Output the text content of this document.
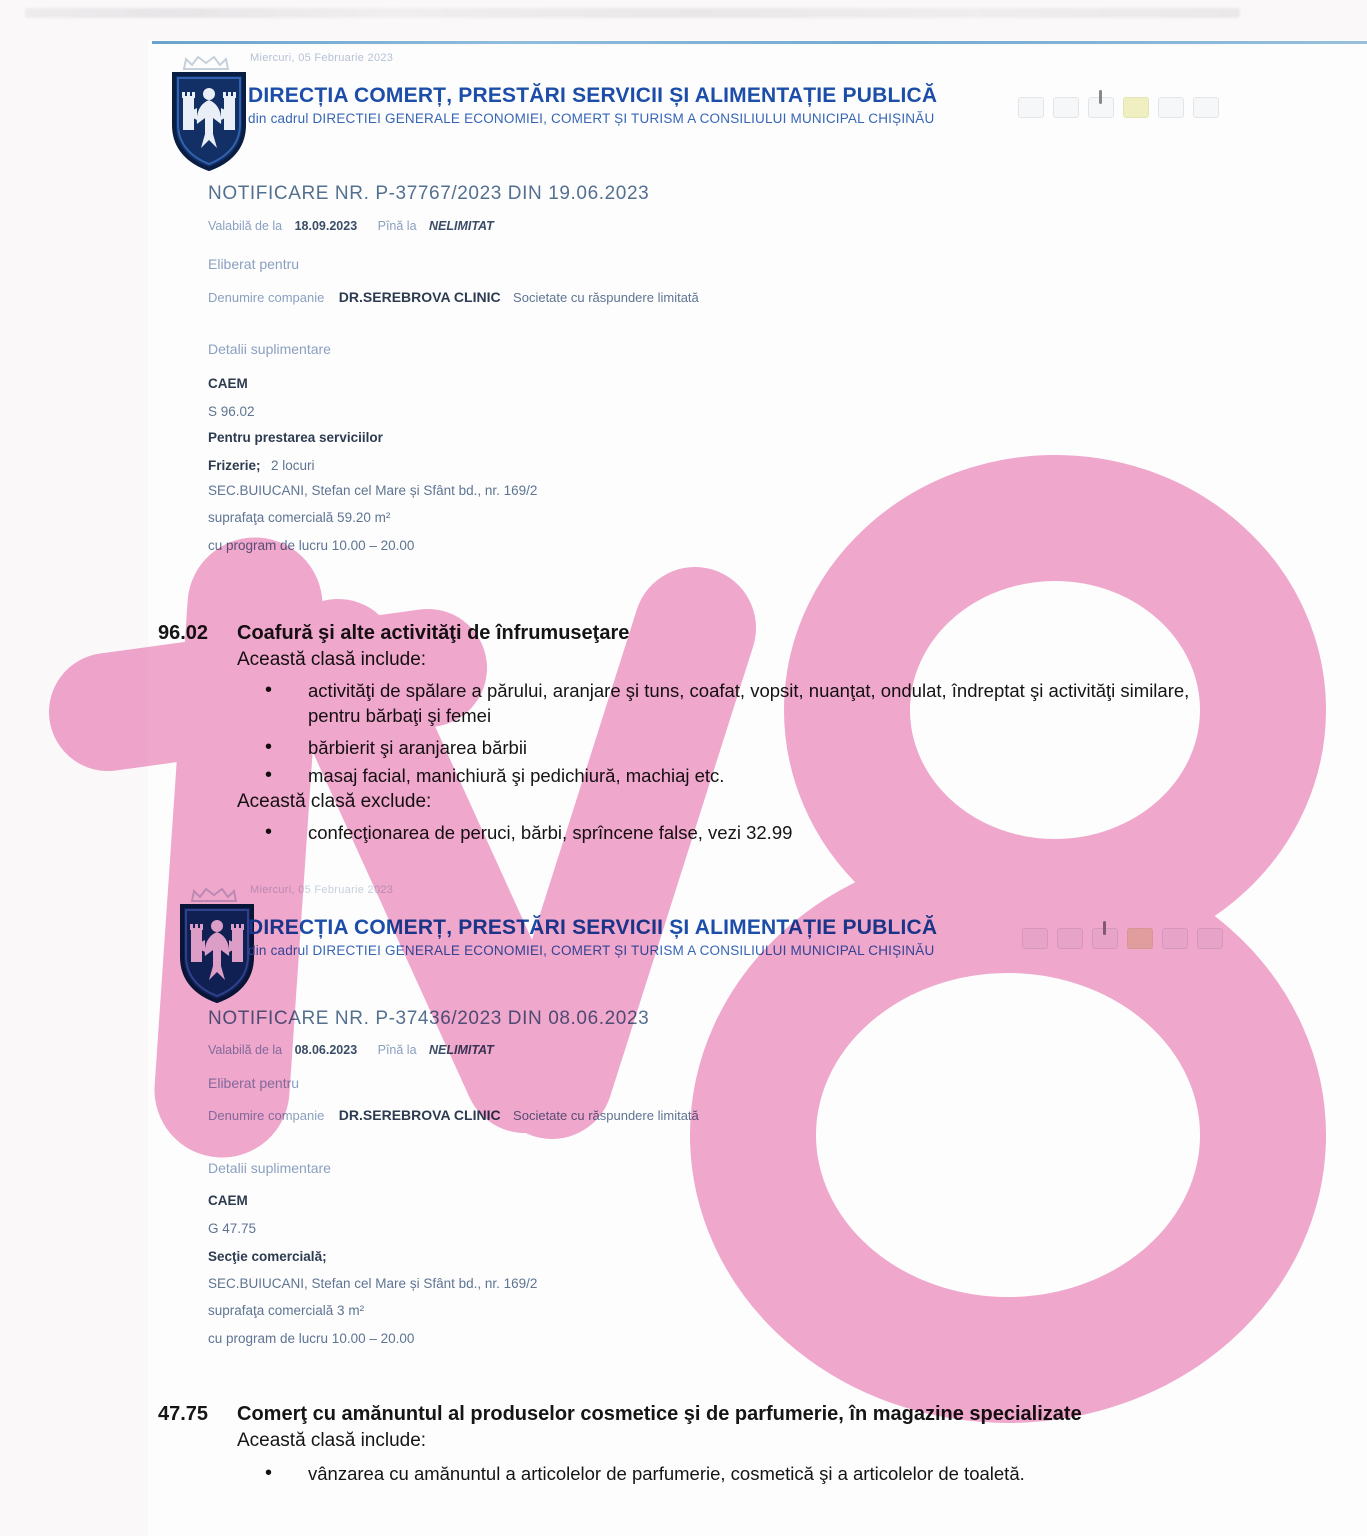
Miercuri, 05 Februarie 2023
DIRECȚIA COMERȚ, PRESTĂRI SERVICII ȘI ALIMENTAȚIE PUBLICĂ
din cadrul DIRECTIEI GENERALE ECONOMIEI, COMERT ȘI TURISM A CONSILIULUI MUNICIPAL CHIȘINĂU
NOTIFICARE NR. P-37767/2023 DIN 19.06.2023
Valabilă de la 18.09.2023 Pînă la NELIMITAT
Eliberat pentru
Denumire companie DR.SEREBROVA CLINIC Societate cu răspundere limitată
Detalii suplimentare
CAEM
S 96.02
Pentru prestarea serviciilor
Frizerie; 2 locuri
SEC.BUIUCANI, Stefan cel Mare și Sfânt bd., nr. 169/2
suprafaţa comercială 59.20 m²
cu program de lucru 10.00 – 20.00
96.02 Coafură şi alte activităţi de înfrumuseţare
Această clasă include:
• activităţi de spălare a părului, aranjare şi tuns, coafat, vopsit, nuanţat, ondulat, îndreptat şi activităţi similare, pentru bărbaţi şi femei
• bărbierit şi aranjarea bărbii
• masaj facial, manichiură şi pedichiură, machiaj etc.
Această clasă exclude:
• confecţionarea de peruci, bărbi, sprîncene false, vezi 32.99
Miercuri, 05 Februarie 2023
DIRECȚIA COMERȚ, PRESTĂRI SERVICII ȘI ALIMENTAȚIE PUBLICĂ
din cadrul DIRECTIEI GENERALE ECONOMIEI, COMERT ȘI TURISM A CONSILIULUI MUNICIPAL CHIȘINĂU
NOTIFICARE NR. P-37436/2023 DIN 08.06.2023
Valabilă de la 08.06.2023 Pînă la NELIMITAT
Eliberat pentru
Denumire companie DR.SEREBROVA CLINIC Societate cu răspundere limitată
Detalii suplimentare
CAEM
G 47.75
Secţie comercială;
SEC.BUIUCANI, Stefan cel Mare și Sfânt bd., nr. 169/2
suprafaţa comercială 3 m²
cu program de lucru 10.00 – 20.00
47.75 Comerţ cu amănuntul al produselor cosmetice şi de parfumerie, în magazine specializate
Această clasă include:
• vânzarea cu amănuntul a articolelor de parfumerie, cosmetică şi a articolelor de toaletă.
